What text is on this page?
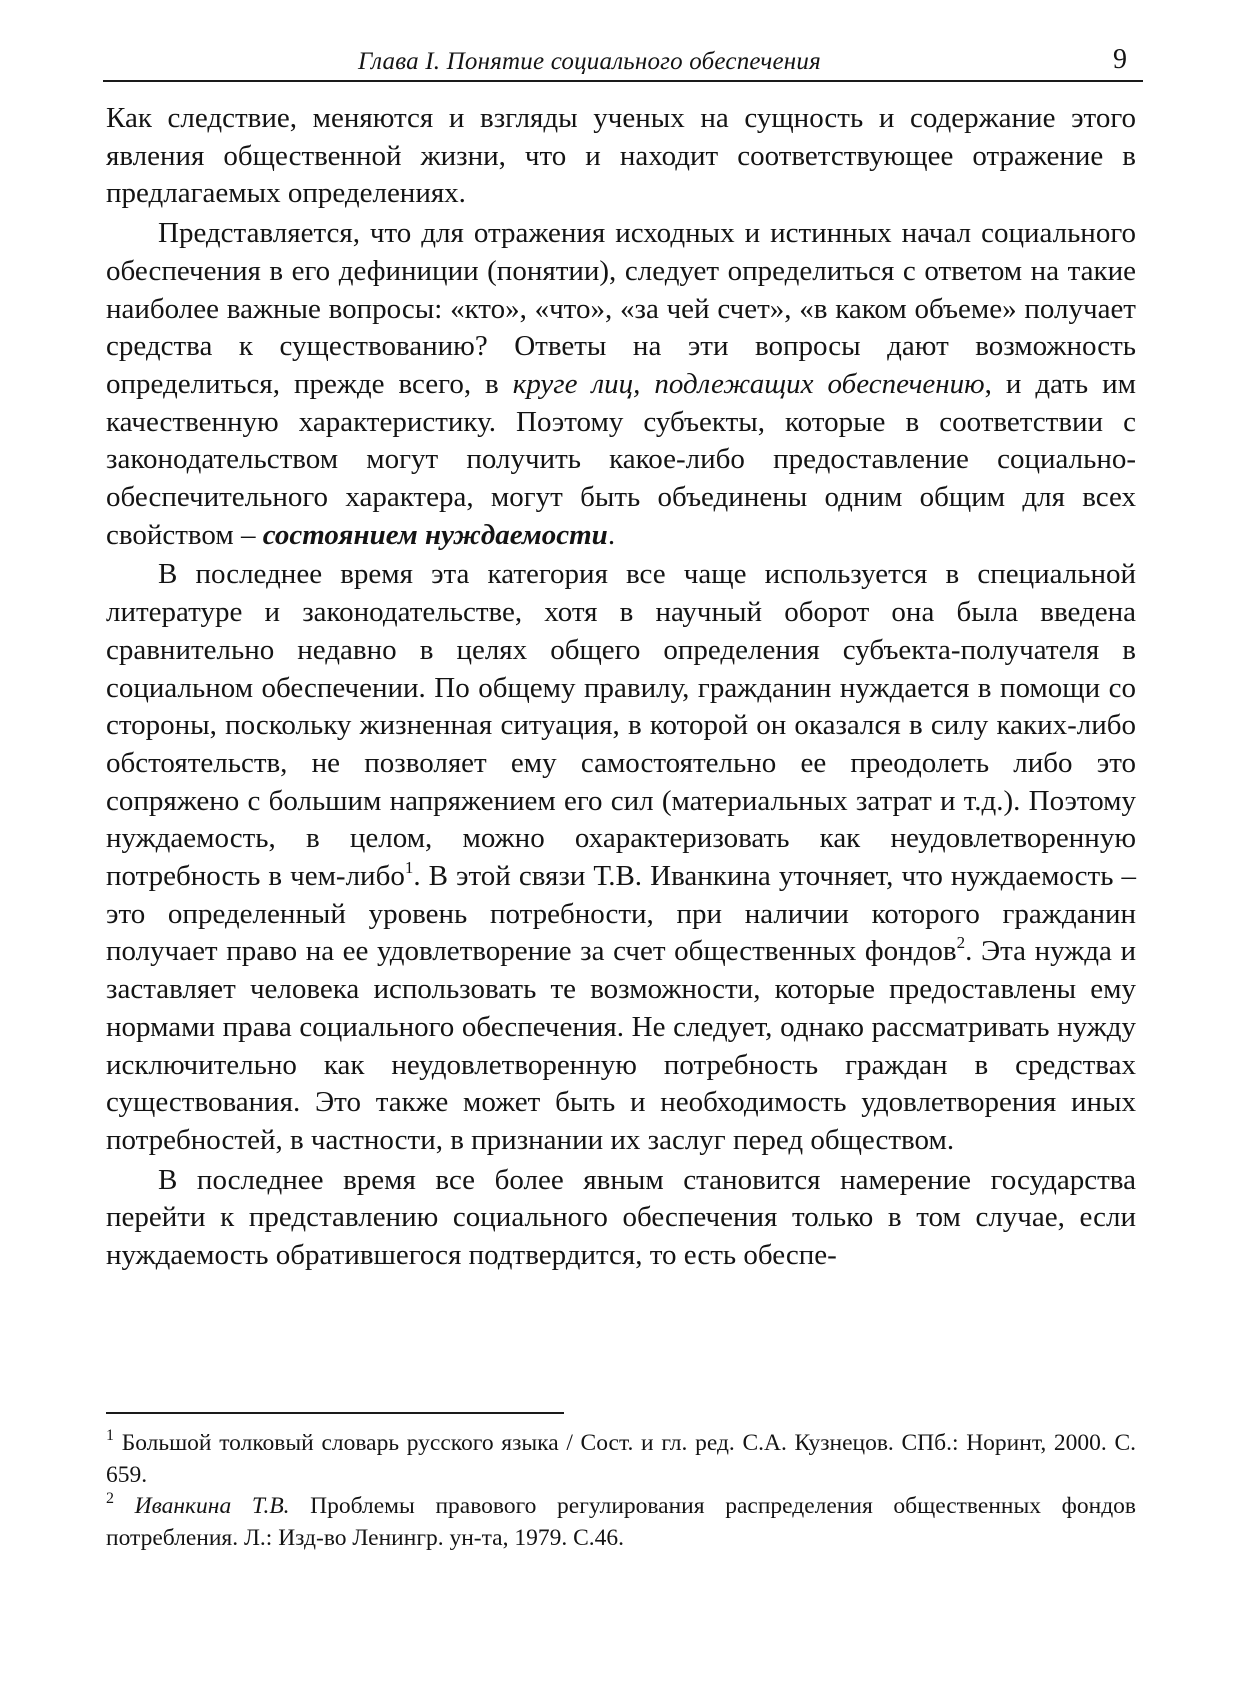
Глава I. Понятие социального обеспечения	9

Как следствие, меняются и взгляды ученых на сущность и содержание этого явления общественной жизни, что и находит соответствующее отражение в предлагаемых определениях.

Представляется, что для отражения исходных и истинных начал социального обеспечения в его дефиниции (понятии), следует определиться с ответом на такие наиболее важные вопросы: «кто», «что», «за чей счет», «в каком объеме» получает средства к существованию? Ответы на эти вопросы дают возможность определиться, прежде всего, в круге лиц, подлежащих обеспечению, и дать им качественную характеристику. Поэтому субъекты, которые в соответствии с законодательством могут получить какое-либо предоставление социально-обеспечительного характера, могут быть объединены одним общим для всех свойством – состоянием нуждаемости.

В последнее время эта категория все чаще используется в специальной литературе и законодательстве, хотя в научный оборот она была введена сравнительно недавно в целях общего определения субъекта-получателя в социальном обеспечении. По общему правилу, гражданин нуждается в помощи со стороны, поскольку жизненная ситуация, в которой он оказался в силу каких-либо обстоятельств, не позволяет ему самостоятельно ее преодолеть либо это сопряжено с большим напряжением его сил (материальных затрат и т.д.). Поэтому нуждаемость, в целом, можно охарактеризовать как неудовлетворенную потребность в чем-либо$^1$. В этой связи Т.В. Иванкина уточняет, что нуждаемость – это определенный уровень потребности, при наличии которого гражданин получает право на ее удовлетворение за счет общественных фондов$^2$. Эта нужда и заставляет человека использовать те возможности, которые предоставлены ему нормами права социального обеспечения. Не следует, однако рассматривать нужду исключительно как неудовлетворенную потребность граждан в средствах существования. Это также может быть и необходимость удовлетворения иных потребностей, в частности, в признании их заслуг перед обществом.

В последнее время все более явным становится намерение государства перейти к представлению социального обеспечения только в том случае, если нуждаемость обратившегося подтвердится, то есть обеспе-

$^1$ Большой толковый словарь русского языка / Сост. и гл. ред. С.А. Кузнецов. СПб.: Норинт, 2000. С. 659.

$^2$ Иванкина Т.В. Проблемы правового регулирования распределения общественных фондов потребления. Л.: Изд-во Ленингр. ун-та, 1979. С.46.
